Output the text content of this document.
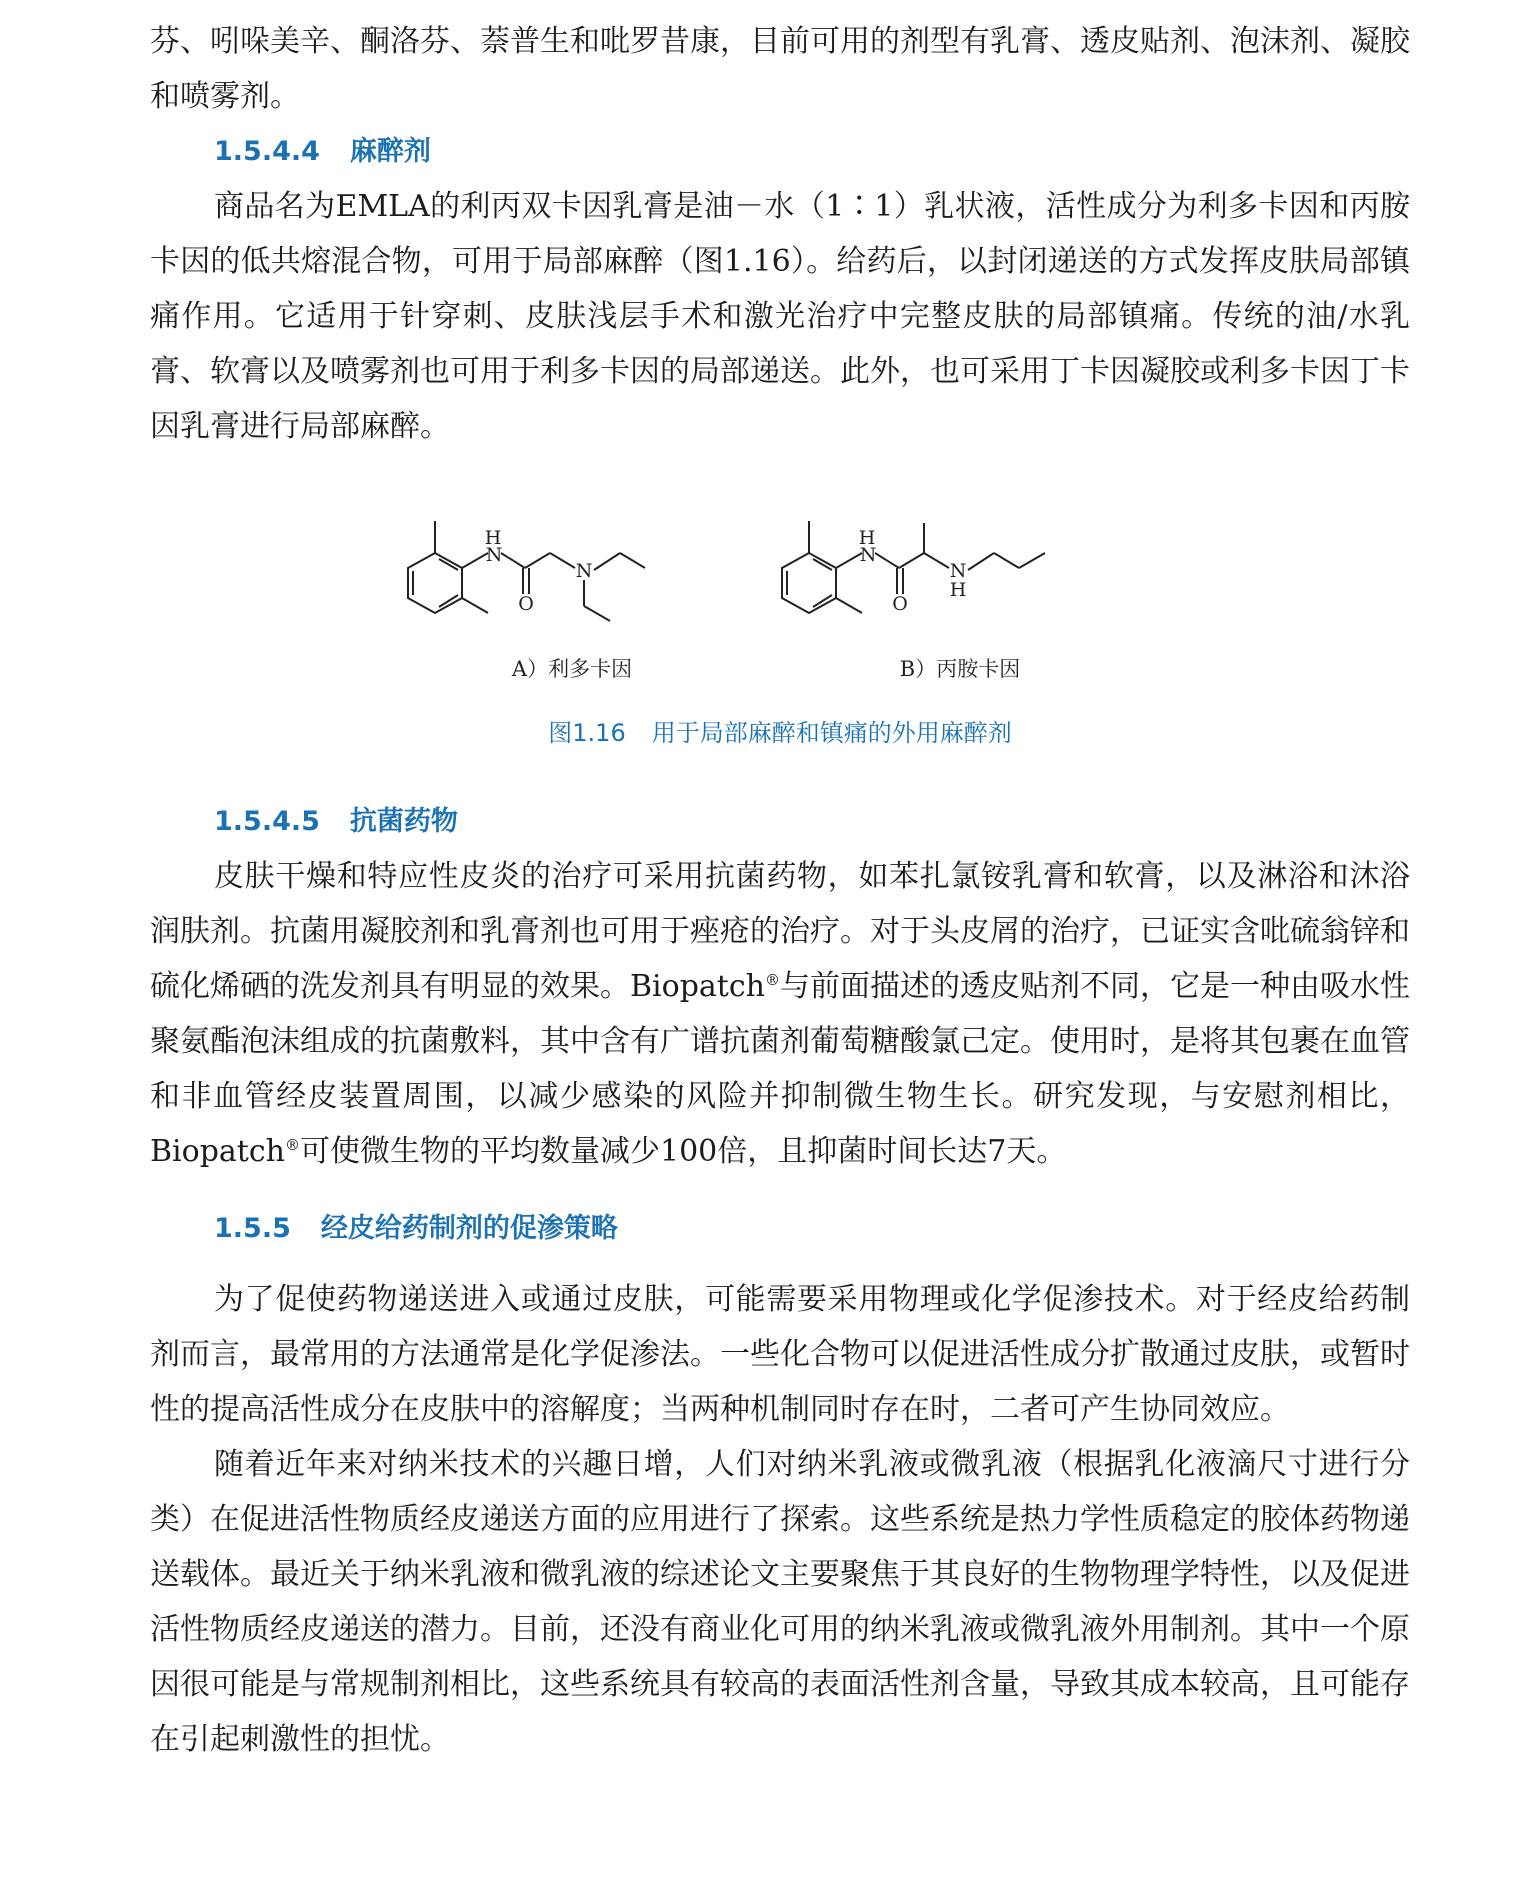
芬、吲哚美辛、酮洛芬、萘普生和吡罗昔康，目前可用的剂型有乳膏、透皮贴剂、泡沫剂、凝胶和喷雾剂。

1.5.4.4 麻醉剂

商品名为EMLA的利丙双卡因乳膏是油－水（1∶1）乳状液，活性成分为利多卡因和丙胺卡因的低共熔混合物，可用于局部麻醉（图1.16）。给药后，以封闭递送的方式发挥皮肤局部镇痛作用。它适用于针穿刺、皮肤浅层手术和激光治疗中完整皮肤的局部镇痛。传统的油/水乳膏、软膏以及喷雾剂也可用于利多卡因的局部递送。此外，也可采用丁卡因凝胶或利多卡因丁卡因乳膏进行局部麻醉。

H
N
O
N
H
N
O
N
H
A）利多卡因	B）丙胺卡因
图1.16 用于局部麻醉和镇痛的外用麻醉剂
1.5.4.5 抗菌药物

皮肤干燥和特应性皮炎的治疗可采用抗菌药物，如苯扎氯铵乳膏和软膏，以及淋浴和沐浴润肤剂。抗菌用凝胶剂和乳膏剂也可用于痤疮的治疗。对于头皮屑的治疗，已证实含吡硫翁锌和硫化烯硒的洗发剂具有明显的效果。Biopatch®与前面描述的透皮贴剂不同，它是一种由吸水性聚氨酯泡沫组成的抗菌敷料，其中含有广谱抗菌剂葡萄糖酸氯己定。使用时，是将其包裹在血管和非血管经皮装置周围，以减少感染的风险并抑制微生物生长。研究发现，与安慰剂相比，Biopatch®可使微生物的平均数量减少100倍，且抑菌时间长达7天。

1.5.5 经皮给药制剂的促渗策略

为了促使药物递送进入或通过皮肤，可能需要采用物理或化学促渗技术。对于经皮给药制剂而言，最常用的方法通常是化学促渗法。一些化合物可以促进活性成分扩散通过皮肤，或暂时性的提高活性成分在皮肤中的溶解度；当两种机制同时存在时，二者可产生协同效应。

随着近年来对纳米技术的兴趣日增，人们对纳米乳液或微乳液（根据乳化液滴尺寸进行分类）在促进活性物质经皮递送方面的应用进行了探索。这些系统是热力学性质稳定的胶体药物递送载体。最近关于纳米乳液和微乳液的综述论文主要聚焦于其良好的生物物理学特性，以及促进活性物质经皮递送的潜力。目前，还没有商业化可用的纳米乳液或微乳液外用制剂。其中一个原因很可能是与常规制剂相比，这些系统具有较高的表面活性剂含量，导致其成本较高，且可能存在引起刺激性的担忧。
